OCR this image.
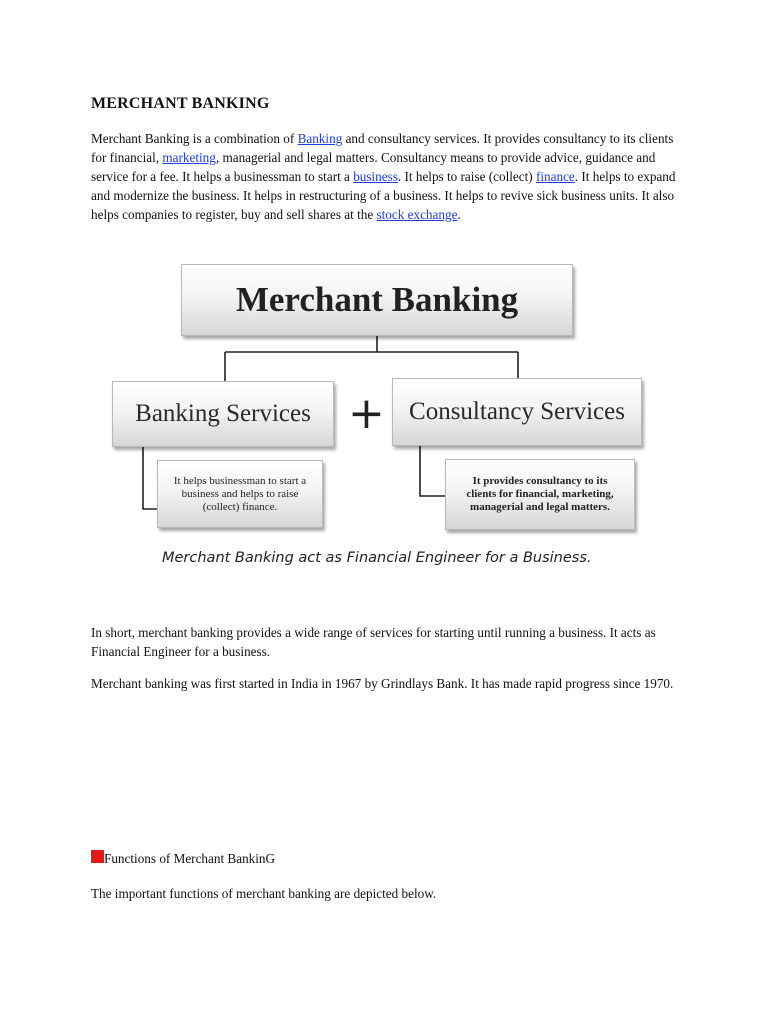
MERCHANT BANKING
Merchant Banking is a combination of Banking and consultancy services. It provides consultancy to its clients for financial, marketing, managerial and legal matters. Consultancy means to provide advice, guidance and service for a fee. It helps a businessman to start a business. It helps to raise (collect) finance. It helps to expand and modernize the business. It helps in restructuring of a business. It helps to revive sick business units. It also helps companies to register, buy and sell shares at the stock exchange.
Merchant Banking
Banking Services + Consultancy Services
It helps businessman to start a business and helps to raise (collect) finance.
It provides consultancy to its clients for financial, marketing, managerial and legal matters.
Merchant Banking act as Financial Engineer for a Business.
In short, merchant banking provides a wide range of services for starting until running a business. It acts as Financial Engineer for a business.
Merchant banking was first started in India in 1967 by Grindlays Bank. It has made rapid progress since 1970.
Functions of Merchant BankinG
The important functions of merchant banking are depicted below.
